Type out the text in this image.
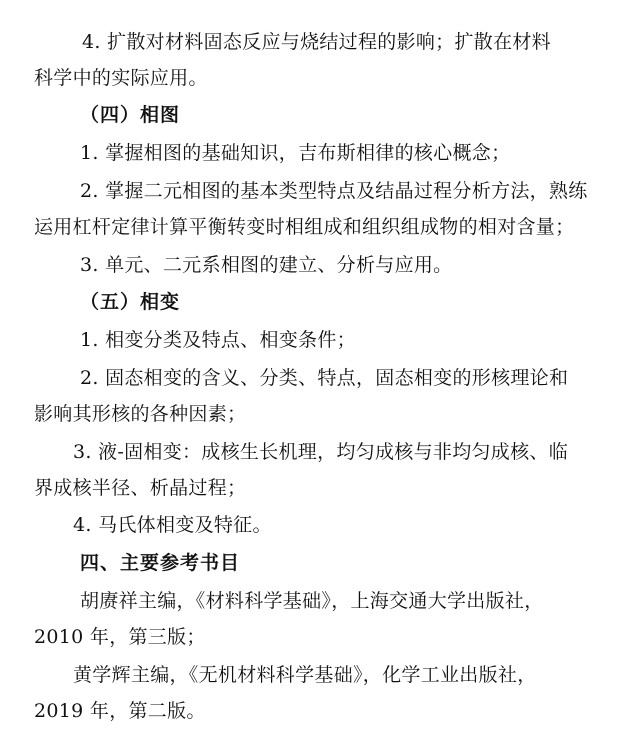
4. 扩散对材料固态反应与烧结过程的影响；扩散在材料
科学中的实际应用。
（四）相图
1. 掌握相图的基础知识，吉布斯相律的核心概念；
2. 掌握二元相图的基本类型特点及结晶过程分析方法，熟练
运用杠杆定律计算平衡转变时相组成和组织组成物的相对含量；
3. 单元、二元系相图的建立、分析与应用。
（五）相变
1. 相变分类及特点、相变条件；
2. 固态相变的含义、分类、特点，固态相变的形核理论和
影响其形核的各种因素；
3. 液-固相变：成核生长机理，均匀成核与非均匀成核、临
界成核半径、析晶过程；
4. 马氏体相变及特征。
四、主要参考书目
胡赓祥主编，《材料科学基础》，上海交通大学出版社，
2010 年，第三版；
黄学辉主编，《无机材料科学基础》，化学工业出版社，
2019 年，第二版。
